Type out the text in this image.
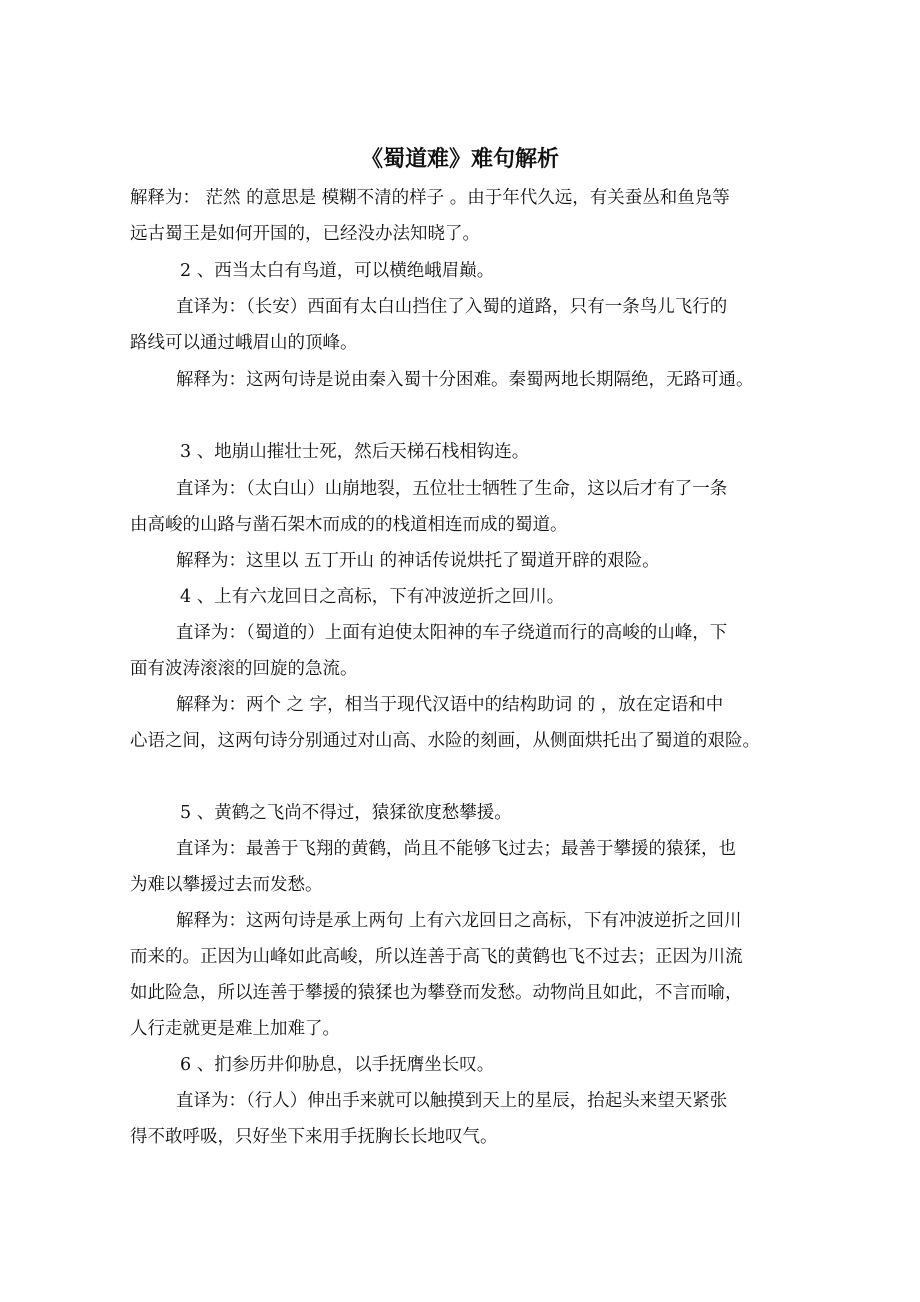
《蜀道难》难句解析
解释为： 茫然 的意思是 模糊不清的样子 。由于年代久远，有关蚕丛和鱼凫等
远古蜀王是如何开国的，已经没办法知晓了。
2 、西当太白有鸟道，可以横绝峨眉巅。
直译为：（长安）西面有太白山挡住了入蜀的道路，只有一条鸟儿飞行的
路线可以通过峨眉山的顶峰。
解释为：这两句诗是说由秦入蜀十分困难。秦蜀两地长期隔绝，无路可通。
3 、地崩山摧壮士死，然后天梯石栈相钩连。
直译为：（太白山）山崩地裂，五位壮士牺牲了生命，这以后才有了一条
由高峻的山路与凿石架木而成的的栈道相连而成的蜀道。
解释为：这里以 五丁开山 的神话传说烘托了蜀道开辟的艰险。
4 、上有六龙回日之高标，下有冲波逆折之回川。
直译为：（蜀道的）上面有迫使太阳神的车子绕道而行的高峻的山峰，下
面有波涛滚滚的回旋的急流。
解释为：两个 之 字，相当于现代汉语中的结构助词 的 ，放在定语和中
心语之间，这两句诗分别通过对山高、水险的刻画，从侧面烘托出了蜀道的艰险。
5 、黄鹤之飞尚不得过，猿猱欲度愁攀援。
直译为：最善于飞翔的黄鹤，尚且不能够飞过去；最善于攀援的猿猱，也
为难以攀援过去而发愁。
解释为：这两句诗是承上两句 上有六龙回日之高标，下有冲波逆折之回川
而来的。正因为山峰如此高峻，所以连善于高飞的黄鹤也飞不过去；正因为川流
如此险急，所以连善于攀援的猿猱也为攀登而发愁。动物尚且如此，不言而喻，
人行走就更是难上加难了。
6 、扪参历井仰胁息，以手抚膺坐长叹。
直译为：（行人）伸出手来就可以触摸到天上的星辰，抬起头来望天紧张
得不敢呼吸，只好坐下来用手抚胸长长地叹气。
